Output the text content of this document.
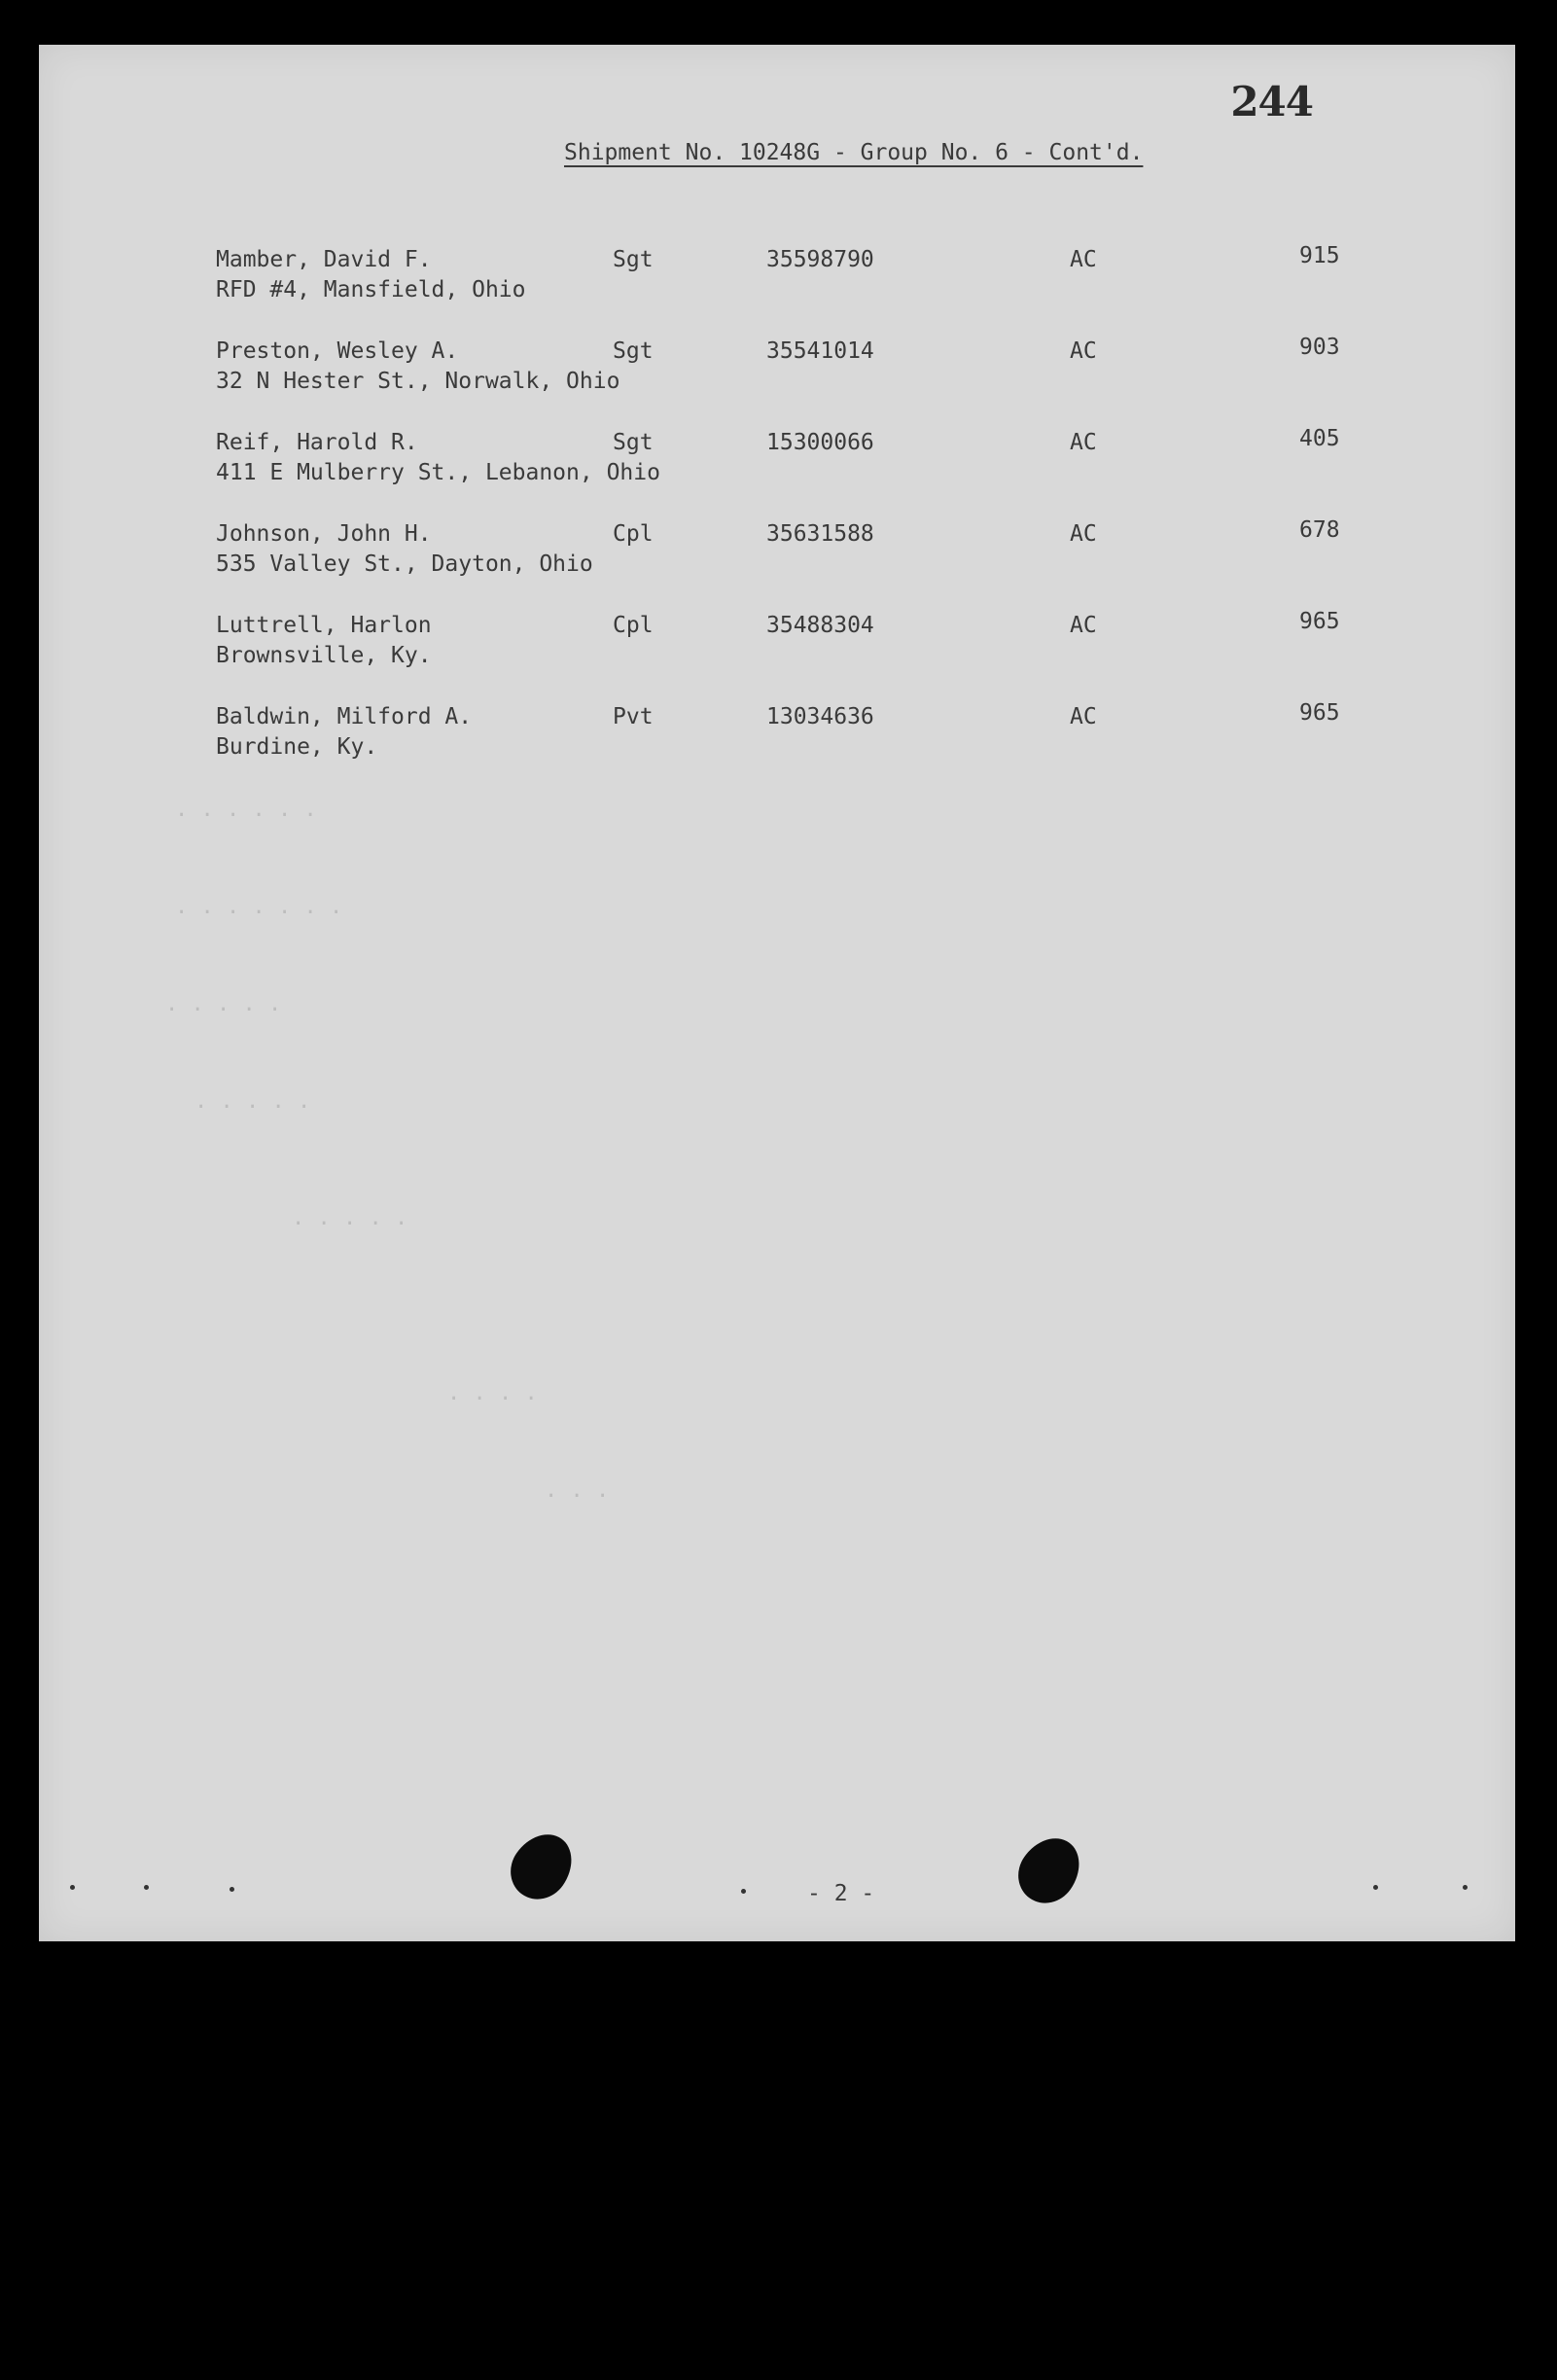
244
Shipment No. 10248G - Group No. 6 - Cont'd.
Mamber, David F.
RFD #4, Mansfield, Ohio
Sgt	35598790	AC	915
Preston, Wesley A.
32 N Hester St., Norwalk, Ohio
Sgt	35541014	AC	903
Reif, Harold R.
411 E Mulberry St., Lebanon, Ohio
Sgt	15300066	AC	405
Johnson, John H.
535 Valley St., Dayton, Ohio
Cpl	35631588	AC	678
Luttrell, Harlon
Brownsville, Ky.
Cpl	35488304	AC	965
Baldwin, Milford A.
Burdine, Ky.
Pvt	13034636	AC	965
· · · · · ·
· · · · · · ·
· · · · ·
· · · · ·
· · · · ·
· · · ·
· · ·
- 2 -
